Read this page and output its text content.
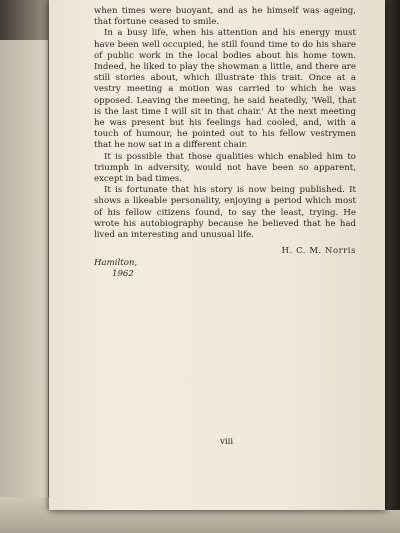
when times were buoyant, and as he himself was ageing, that fortune ceased to smile.

In a busy life, when his attention and his energy must have been well occupied, he still found time to do his share of public work in the local bodies about his home town. Indeed, he liked to play the showman a little, and there are still stories about, which illustrate this trait. Once at a vestry meeting a motion was carried to which he was opposed. Leaving the meeting, he said heatedly, 'Well, that is the last time I will sit in that chair.' At the next meeting he was present but his feelings had cooled, and, with a touch of humour, he pointed out to his fellow vestrymen that he now sat in a different chair.

It is possible that those qualities which enabled him to triumph in adversity, would not have been so apparent, except in bad times.

It is fortunate that his story is now being published. It shows a likeable personality, enjoying a period which most of his fellow citizens found, to say the least, trying. He wrote his autobiography because he believed that he had lived an interesting and unusual life.

H. C. M. Norris

Hamilton,

1962

viii
